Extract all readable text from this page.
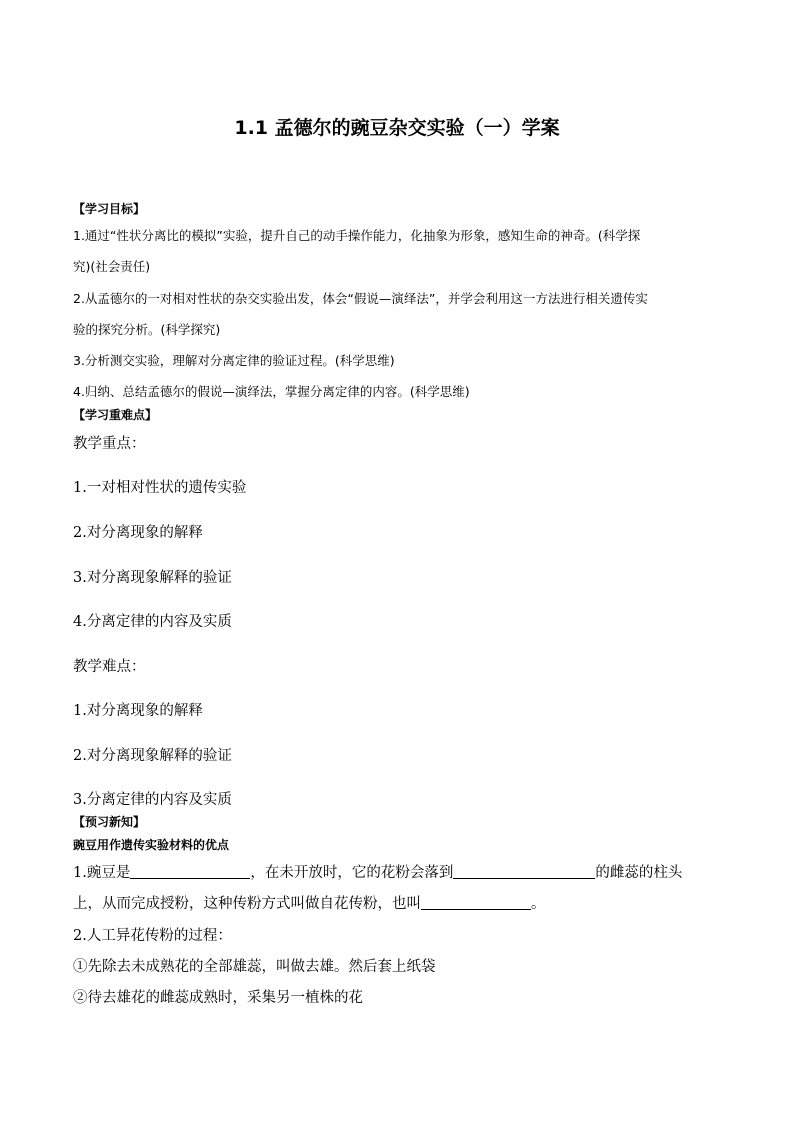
1.1 孟德尔的豌豆杂交实验（一）学案
【学习目标】
1.通过“性状分离比的模拟”实验，提升自己的动手操作能力，化抽象为形象，感知生命的神奇。(科学探
究)(社会责任)
2.从孟德尔的一对相对性状的杂交实验出发，体会“假说—演绎法”，并学会利用这一方法进行相关遗传实
验的探究分析。(科学探究)
3.分析测交实验，理解对分离定律的验证过程。(科学思维)
4.归纳、总结孟德尔的假说—演绎法，掌握分离定律的内容。(科学思维)
【学习重难点】
教学重点：
1.一对相对性状的遗传实验
2.对分离现象的解释
3.对分离现象解释的验证
4.分离定律的内容及实质
教学难点：
1.对分离现象的解释
2.对分离现象解释的验证
3.分离定律的内容及实质
【预习新知】
豌豆用作遗传实验材料的优点
1.豌豆是	，在未开放时，它的花粉会落到	的雌蕊的柱头
上，从而完成授粉，这种传粉方式叫做自花传粉，也叫	。
2.人工异花传粉的过程：
①先除去未成熟花的全部雄蕊，叫做去雄。然后套上纸袋
②待去雄花的雌蕊成熟时，采集另一植株的花
